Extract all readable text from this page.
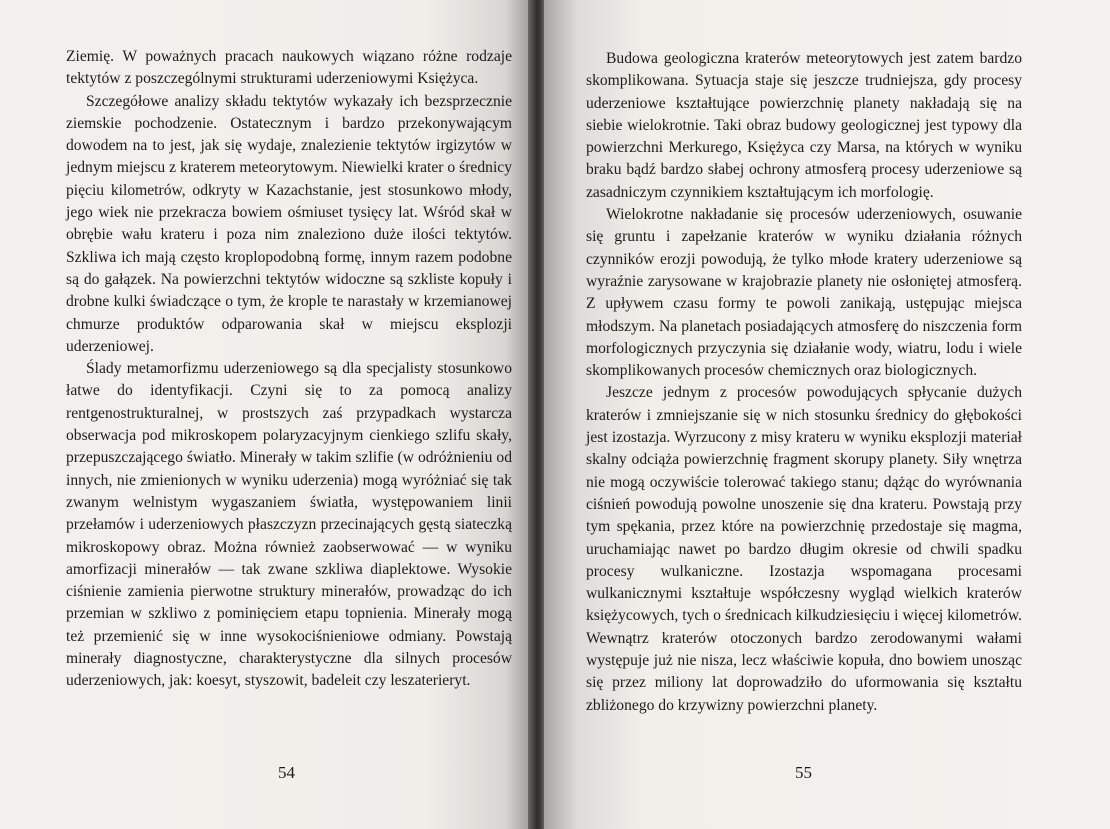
Ziemię. W poważnych pracach naukowych wiązano różne rodzaje tektytów z poszczególnymi strukturami uderzeniowymi Księżyca.

Szczegółowe analizy składu tektytów wykazały ich bezsprzecznie ziemskie pochodzenie. Ostatecznym i bardzo przekonywającym dowodem na to jest, jak się wydaje, znalezienie tektytów irgizytów w jednym miejscu z kraterem meteorytowym. Niewielki krater o średnicy pięciu kilometrów, odkryty w Kazachstanie, jest stosunkowo młody, jego wiek nie przekracza bowiem ośmiuset tysięcy lat. Wśród skał w obrębie wału krateru i poza nim znaleziono duże ilości tektytów. Szkliwa ich mają często kroplopodobną formę, innym razem podobne są do gałązek. Na powierzchni tektytów widoczne są szkliste kopuły i drobne kulki świadczące o tym, że krople te narastały w krzemianowej chmurze produktów odparowania skał w miejscu eksplozji uderzeniowej.

Ślady metamorfizmu uderzeniowego są dla specjalisty stosunkowo łatwe do identyfikacji. Czyni się to za pomocą analizy rentgenostrukturalnej, w prostszych zaś przypadkach wystarcza obserwacja pod mikroskopem polaryzacyjnym cienkiego szlifu skały, przepuszczającego światło. Minerały w takim szlifie (w odróżnieniu od innych, nie zmienionych w wyniku uderzenia) mogą wyróżniać się tak zwanym welnistym wygaszaniem światła, występowaniem linii przełamów i uderzeniowych płaszczyzn przecinających gęstą siateczką mikroskopowy obraz. Można również zaobserwować — w wyniku amorfizacji minerałów — tak zwane szkliwa diaplektowe. Wysokie ciśnienie zamienia pierwotne struktury minerałów, prowadząc do ich przemian w szkliwo z pominięciem etapu topnienia. Minerały mogą też przemienić się w inne wysokociśnieniowe odmiany. Powstają minerały diagnostyczne, charakterystyczne dla silnych procesów uderzeniowych, jak: koesyt, styszowit, badeleit czy leszaterieryt.

54

Budowa geologiczna kraterów meteorytowych jest zatem bardzo skomplikowana. Sytuacja staje się jeszcze trudniejsza, gdy procesy uderzeniowe kształtujące powierzchnię planety nakładają się na siebie wielokrotnie. Taki obraz budowy geologicznej jest typowy dla powierzchni Merkurego, Księżyca czy Marsa, na których w wyniku braku bądź bardzo słabej ochrony atmosferą procesy uderzeniowe są zasadniczym czynnikiem kształtującym ich morfologię.

Wielokrotne nakładanie się procesów uderzeniowych, osuwanie się gruntu i zapełzanie kraterów w wyniku działania różnych czynników erozji powodują, że tylko młode kratery uderzeniowe są wyraźnie zarysowane w krajobrazie planety nie osłoniętej atmosferą. Z upływem czasu formy te powoli zanikają, ustępując miejsca młodszym. Na planetach posiadających atmosferę do niszczenia form morfologicznych przyczynia się działanie wody, wiatru, lodu i wiele skomplikowanych procesów chemicznych oraz biologicznych.

Jeszcze jednym z procesów powodujących spłycanie dużych kraterów i zmniejszanie się w nich stosunku średnicy do głębokości jest izostazja. Wyrzucony z misy krateru w wyniku eksplozji materiał skalny odciąża powierzchnię fragment skorupy planety. Siły wnętrza nie mogą oczywiście tolerować takiego stanu; dążąc do wyrównania ciśnień powodują powolne unoszenie się dna krateru. Powstają przy tym spękania, przez które na powierzchnię przedostaje się magma, uruchamiając nawet po bardzo długim okresie od chwili spadku procesy wulkaniczne. Izostazja wspomagana procesami wulkanicznymi kształtuje współczesny wygląd wielkich kraterów księżycowych, tych o średnicach kilkudziesięciu i więcej kilometrów. Wewnątrz kraterów otoczonych bardzo zerodowanymi wałami występuje już nie nisza, lecz właściwie kopuła, dno bowiem unosząc się przez miliony lat doprowadziło do uformowania się kształtu zbliżonego do krzywizny powierzchni planety.

55
